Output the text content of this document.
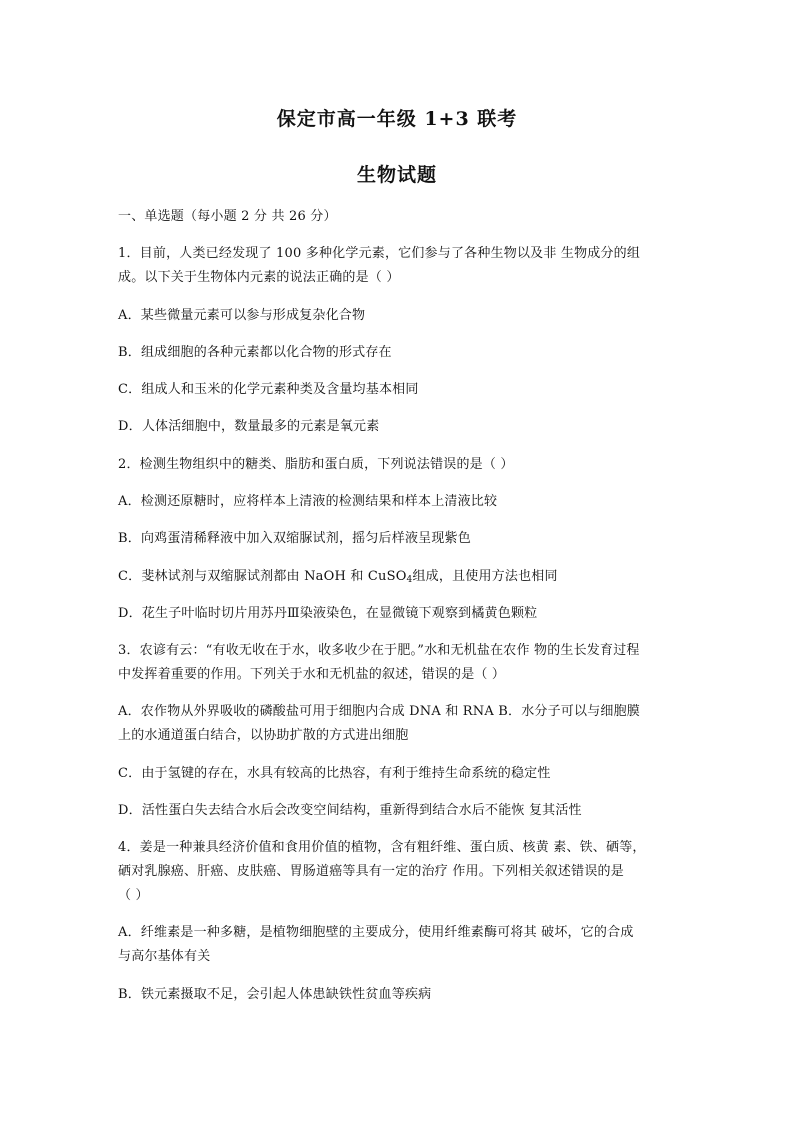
保定市高一年级 1+3 联考
生物试题
一、单选题（每小题 2 分 共 26 分）
1．目前，人类已经发现了 100 多种化学元素，它们参与了各种生物以及非 生物成分的组
成。以下关于生物体内元素的说法正确的是（ ）
A．某些微量元素可以参与形成复杂化合物
B．组成细胞的各种元素都以化合物的形式存在
C．组成人和玉米的化学元素种类及含量均基本相同
D．人体活细胞中，数量最多的元素是氧元素
2．检测生物组织中的糖类、脂肪和蛋白质，下列说法错误的是（ ）
A．检测还原糖时，应将样本上清液的检测结果和样本上清液比较
B．向鸡蛋清稀释液中加入双缩脲试剂，摇匀后样液呈现紫色
C．斐林试剂与双缩脲试剂都由 NaOH 和 CuSO$_4$组成，且使用方法也相同
D．花生子叶临时切片用苏丹Ⅲ染液染色，在显微镜下观察到橘黄色颗粒
3．农谚有云：“有收无收在于水，收多收少在于肥。”水和无机盐在农作 物的生长发育过程
中发挥着重要的作用。下列关于水和无机盐的叙述，错误的是（ ）
A．农作物从外界吸收的磷酸盐可用于细胞内合成 DNA 和 RNA B．水分子可以与细胞膜
上的水通道蛋白结合，以协助扩散的方式进出细胞
C．由于氢键的存在，水具有较高的比热容，有利于维持生命系统的稳定性
D．活性蛋白失去结合水后会改变空间结构，重新得到结合水后不能恢 复其活性
4．姜是一种兼具经济价值和食用价值的植物，含有粗纤维、蛋白质、核黄 素、铁、硒等，
硒对乳腺癌、肝癌、皮肤癌、胃肠道癌等具有一定的治疗 作用。下列相关叙述错误的是
（ ）
A．纤维素是一种多糖，是植物细胞壁的主要成分，使用纤维素酶可将其 破坏，它的合成
与高尔基体有关
B．铁元素摄取不足，会引起人体患缺铁性贫血等疾病
